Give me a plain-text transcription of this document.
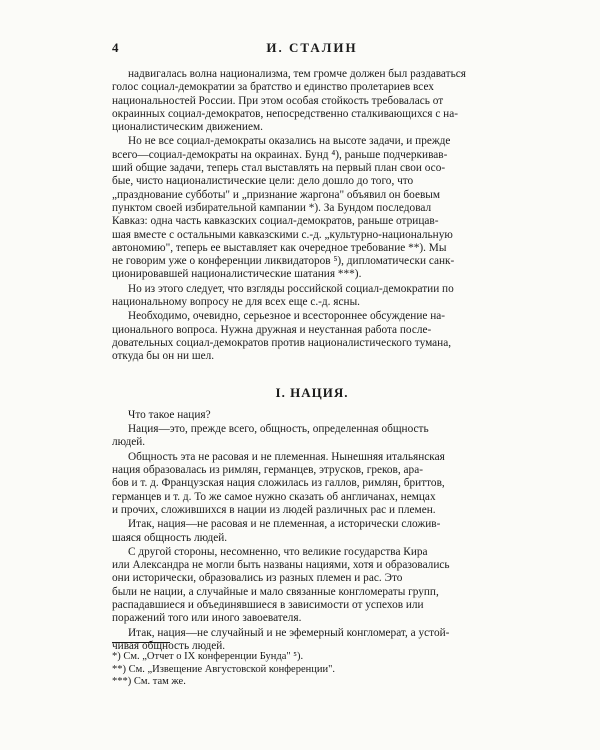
4	И. СТАЛИН
надвигалась волна национализма, тем громче должен был раздаваться
голос социал-демократии за братство и единство пролетариев всех
национальностей России. При этом особая стойкость требовалась от
окраинных социал-демократов, непосредственно сталкивающихся с на-
ционалистическим движением.
Но не все социал-демократы оказались на высоте задачи, и прежде
всего—социал-демократы на окраинах. Бунд ⁴), раньше подчеркивав-
ший общие задачи, теперь стал выставлять на первый план свои осо-
бые, чисто националистические цели: дело дошло до того, что
„празднование субботы" и „признание жаргона" объявил он боевым
пунктом своей избирательной кампании *). За Бундом последовал
Кавказ: одна часть кавказских социал-демократов, раньше отрицав-
шая вместе с остальными кавказскими с.-д. „культурно-национальную
автономию", теперь ее выставляет как очередное требование **). Мы
не говорим уже о конференции ликвидаторов ⁵), дипломатически санк-
ционировавшей националистические шатания ***).
Но из этого следует, что взгляды российской социал-демократии по
национальному вопросу не для всех еще с.-д. ясны.
Необходимо, очевидно, серьезное и всестороннее обсуждение на-
ционального вопроса. Нужна дружная и неустанная работа после-
довательных социал-демократов против националистического тумана,
откуда бы он ни шел.
I. НАЦИЯ.
Что такое нация?
Нация—это, прежде всего, общность, определенная общность
людей.
Общность эта не расовая и не племенная. Нынешняя итальянская
нация образовалась из римлян, германцев, этрусков, греков, ара-
бов и т. д. Французская нация сложилась из галлов, римлян, бриттов,
германцев и т. д. То же самое нужно сказать об англичанах, немцах
и прочих, сложившихся в нации из людей различных рас и племен.
Итак, нация—не расовая и не племенная, а исторически сложив-
шаяся общность людей.
С другой стороны, несомненно, что великие государства Кира
или Александра не могли быть названы нациями, хотя и образовались
они исторически, образовались из разных племен и рас. Это
были не нации, а случайные и мало связанные конгломераты групп,
распадавшиеся и объединявшиеся в зависимости от успехов или
поражений того или иного завоевателя.
Итак, нация—не случайный и не эфемерный конгломерат, а устой-
чивая общность людей.
*) См. „Отчет о IX конференции Бунда" ⁵).
**) См. „Извещение Августовской конференции".
***) См. там же.
